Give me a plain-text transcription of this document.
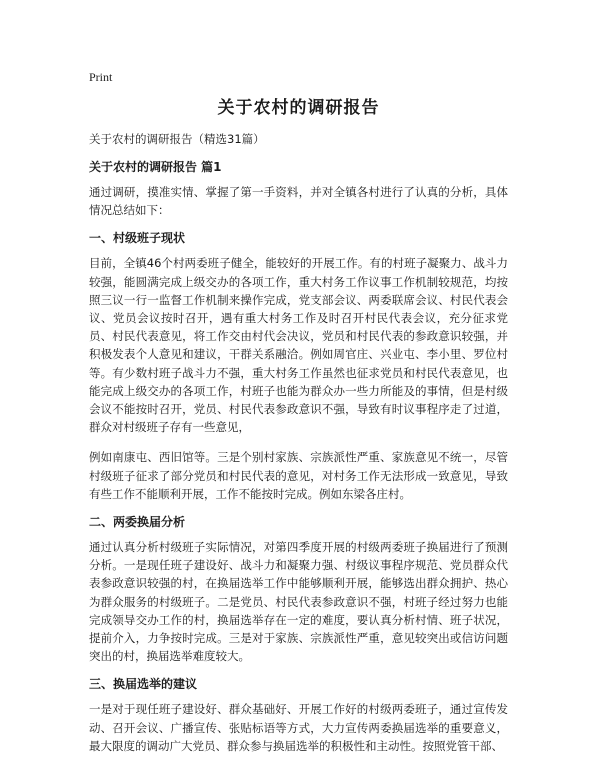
Print
关于农村的调研报告
关于农村的调研报告（精选31篇）
关于农村的调研报告 篇1

通过调研，摸准实情、掌握了第一手资料，并对全镇各村进行了认真的分析，具体情况总结如下：

一、村级班子现状

目前，全镇46个村两委班子健全，能较好的开展工作。有的村班子凝聚力、战斗力较强，能圆满完成上级交办的各项工作，重大村务工作议事工作机制较规范，均按照三议一行一监督工作机制来操作完成，党支部会议、两委联席会议、村民代表会议、党员会议按时召开，遇有重大村务工作及时召开村民代表会议，充分征求党员、村民代表意见，将工作交由村代会决议，党员和村民代表的参政意识较强，并积极发表个人意见和建议，干群关系融洽。例如周官庄、兴业屯、李小里、罗位村等。有少数村班子战斗力不强，重大村务工作虽然也征求党员和村民代表意见，也能完成上级交办的各项工作，村班子也能为群众办一些力所能及的事情，但是村级会议不能按时召开，党员、村民代表参政意识不强，导致有时议事程序走了过道，群众对村级班子存有一些意见，

例如南康屯、西旧馆等。三是个别村家族、宗族派性严重、家族意见不统一，尽管村级班子征求了部分党员和村民代表的意见，对村务工作无法形成一致意见，导致有些工作不能顺利开展，工作不能按时完成。例如东梁各庄村。

二、两委换届分析

通过认真分析村级班子实际情况，对第四季度开展的村级两委班子换届进行了预测分析。一是现任班子建设好、战斗力和凝聚力强、村级议事程序规范、党员群众代表参政意识较强的村，在换届选举工作中能够顺利开展，能够选出群众拥护、热心为群众服务的村级班子。二是党员、村民代表参政意识不强，村班子经过努力也能完成领导交办工作的村，换届选举存在一定的难度，要认真分析村情、班子状况，提前介入，力争按时完成。三是对于家族、宗族派性严重，意见较突出或信访问题突出的村，换届选举难度较大。

三、换届选举的建议

一是对于现任班子建设好、群众基础好、开展工作好的村级两委班子，通过宣传发动、召开会议、广播宣传、张贴标语等方式，大力宣传两委换届选举的重要意义，最大限度的调动广大党员、群众参与换届选举的积极性和主动性。按照党管干部、
